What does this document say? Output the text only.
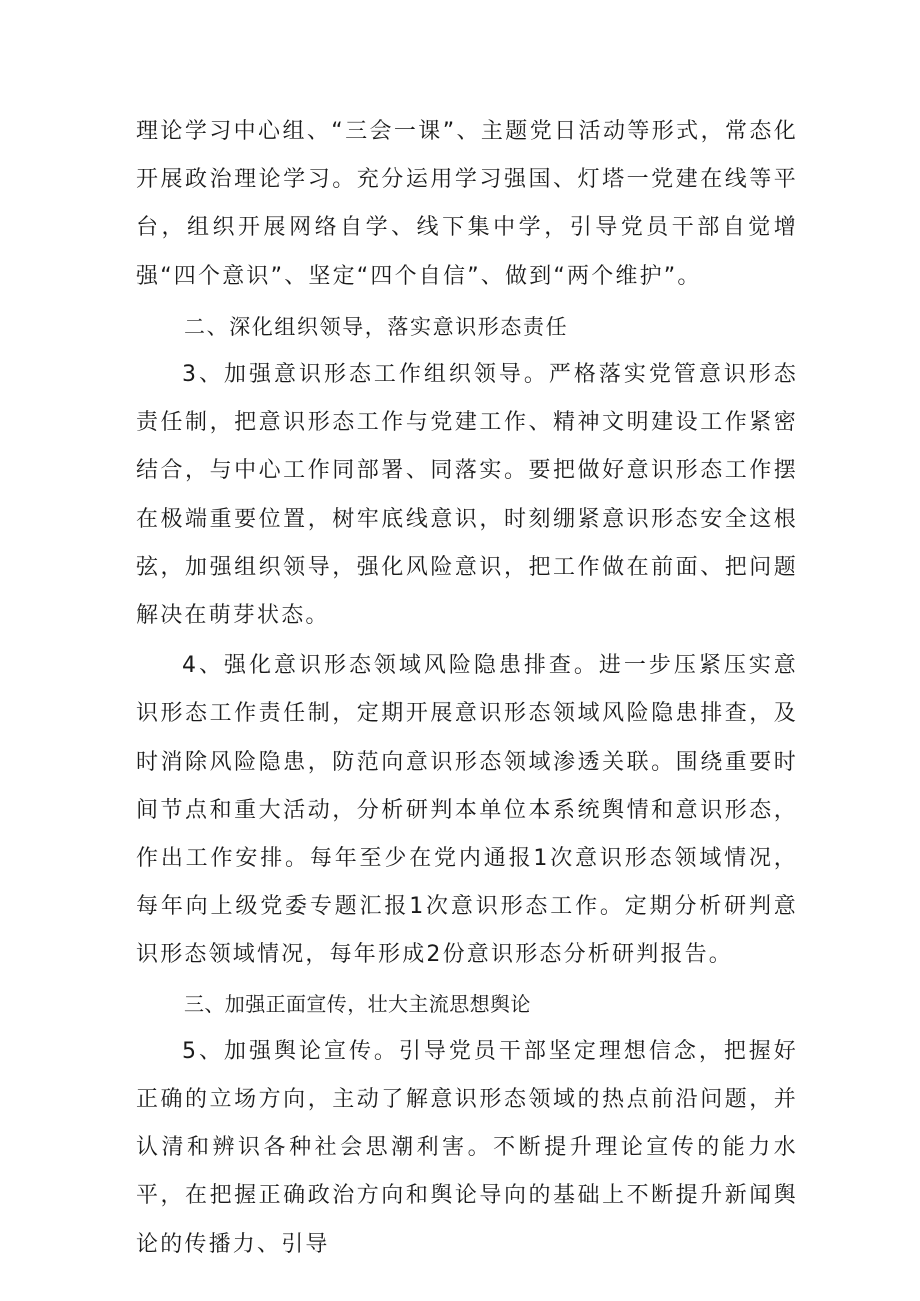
理论学习中心组、“三会一课”、主题党日活动等形式，常态化开展政治理论学习。充分运用学习强国、灯塔一党建在线等平台，组织开展网络自学、线下集中学，引导党员干部自觉增强“四个意识”、坚定“四个自信”、做到“两个维护”。

二、深化组织领导，落实意识形态责任

3、加强意识形态工作组织领导。严格落实党管意识形态责任制，把意识形态工作与党建工作、精神文明建设工作紧密结合，与中心工作同部署、同落实。要把做好意识形态工作摆在极端重要位置，树牢底线意识，时刻绷紧意识形态安全这根弦，加强组织领导，强化风险意识，把工作做在前面、把问题解决在萌芽状态。

4、强化意识形态领域风险隐患排查。进一步压紧压实意识形态工作责任制，定期开展意识形态领域风险隐患排查，及时消除风险隐患，防范向意识形态领域渗透关联。围绕重要时间节点和重大活动，分析研判本单位本系统舆情和意识形态，作出工作安排。每年至少在党内通报1次意识形态领域情况，每年向上级党委专题汇报1次意识形态工作。定期分析研判意识形态领域情况，每年形成2份意识形态分析研判报告。

三、加强正面宣传，壮大主流思想舆论

5、加强舆论宣传。引导党员干部坚定理想信念，把握好正确的立场方向，主动了解意识形态领域的热点前沿问题，并认清和辨识各种社会思潮利害。不断提升理论宣传的能力水平，在把握正确政治方向和舆论导向的基础上不断提升新闻舆论的传播力、引导
